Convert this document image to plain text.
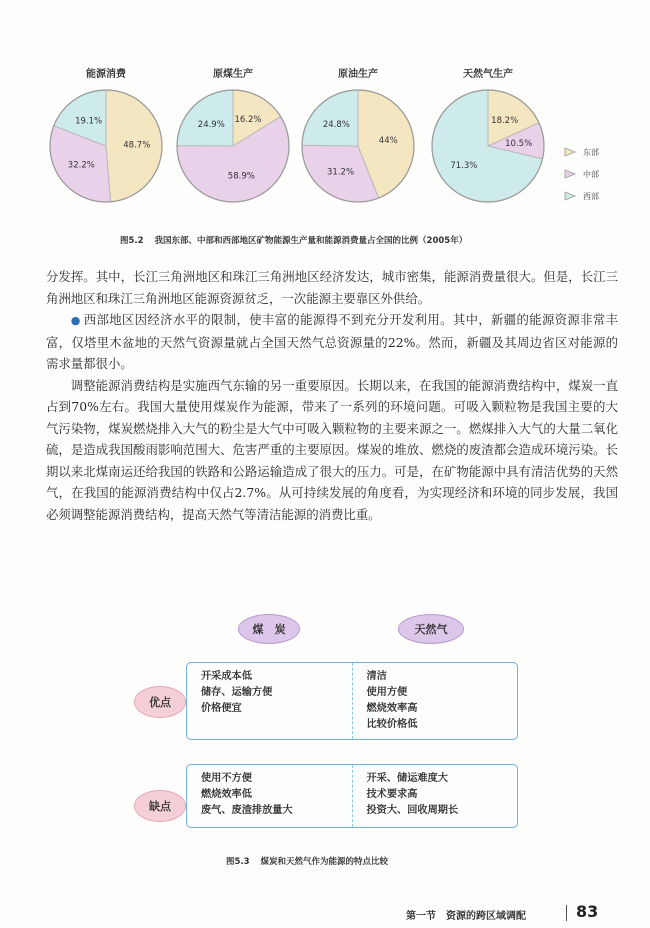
能源消费
48.7%
32.2%
19.1%
原煤生产
16.2%
58.9%
24.9%
原油生产
44%
31.2%
24.8%
天然气生产
18.2%
10.5%
71.3%
东部
中部
西部
图5.2 我国东部、中部和西部地区矿物能源生产量和能源消费量占全国的比例（2005年）

分发挥。其中，长江三角洲地区和珠江三角洲地区经济发达，城市密集，能源消费量很大。但是，长江三角洲地区和珠江三角洲地区能源资源贫乏，一次能源主要靠区外供给。

● 西部地区因经济水平的限制，使丰富的能源得不到充分开发利用。其中，新疆的能源资源非常丰富，仅塔里木盆地的天然气资源量就占全国天然气总资源量的22%。然而，新疆及其周边省区对能源的需求量都很小。

调整能源消费结构是实施西气东输的另一重要原因。长期以来，在我国的能源消费结构中，煤炭一直占到70%左右。我国大量使用煤炭作为能源，带来了一系列的环境问题。可吸入颗粒物是我国主要的大气污染物，煤炭燃烧排入大气的粉尘是大气中可吸入颗粒物的主要来源之一。燃煤排入大气的大量二氧化硫，是造成我国酸雨影响范围大、危害严重的主要原因。煤炭的堆放、燃烧的废渣都会造成环境污染。长期以来北煤南运还给我国的铁路和公路运输造成了很大的压力。可是，在矿物能源中具有清洁优势的天然气，在我国的能源消费结构中仅占2.7%。从可持续发展的角度看，为实现经济和环境的同步发展，我国必须调整能源消费结构，提高天然气等清洁能源的消费比重。

煤　炭	天然气
优点
开采成本低
储存、运输方便
价格便宜
清洁
使用方便
燃烧效率高
比较价格低
缺点
使用不方便
燃烧效率低
废气、废渣排放量大
开采、储运难度大
技术要求高
投资大、回收周期长
图5.3 煤炭和天然气作为能源的特点比较
第一节　资源的跨区域调配	83
